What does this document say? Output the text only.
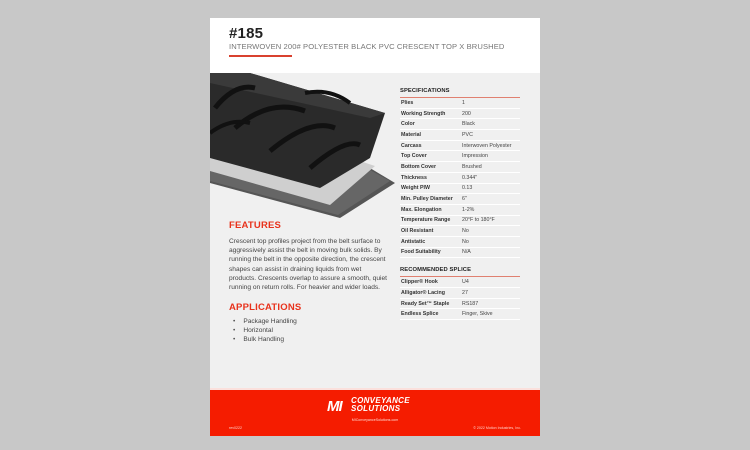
#185
INTERWOVEN 200# POLYESTER BLACK PVC CRESCENT TOP X BRUSHED
FEATURES

Crescent top profiles project from the belt surface to aggressively assist the belt in moving bulk solids. By running the belt in the opposite direction, the crescent shapes can assist in draining liquids from wet products. Crescents overlap to assure a smooth, quiet running on return rolls. For heavier and wider loads.

APPLICATIONS
• Package Handling
• Horizontal
• Bulk Handling
SPECIFICATIONS
Plies	1
Working Strength	200
Color	Black
Material	PVC
Carcass	Interwoven Polyester
Top Cover	Impression
Bottom Cover	Brushed
Thickness	0.344"
Weight PIW	0.13
Min. Pulley Diameter	6"
Max. Elongation	1-2%
Temperature Range	20°F to 180°F
Oil Resistant	No
Antistatic	No
Food Suitability	N/A
RECOMMENDED SPLICE
Clipper® Hook	U4
Alligator® Lacing	27
Ready Set™ Staple	RS187
Endless Splice	Finger, Skive
MI CONVEYANCE
SOLUTIONS
MIConveyanceSolutions.com
rev0222	© 2022 Motion Industries, Inc.
